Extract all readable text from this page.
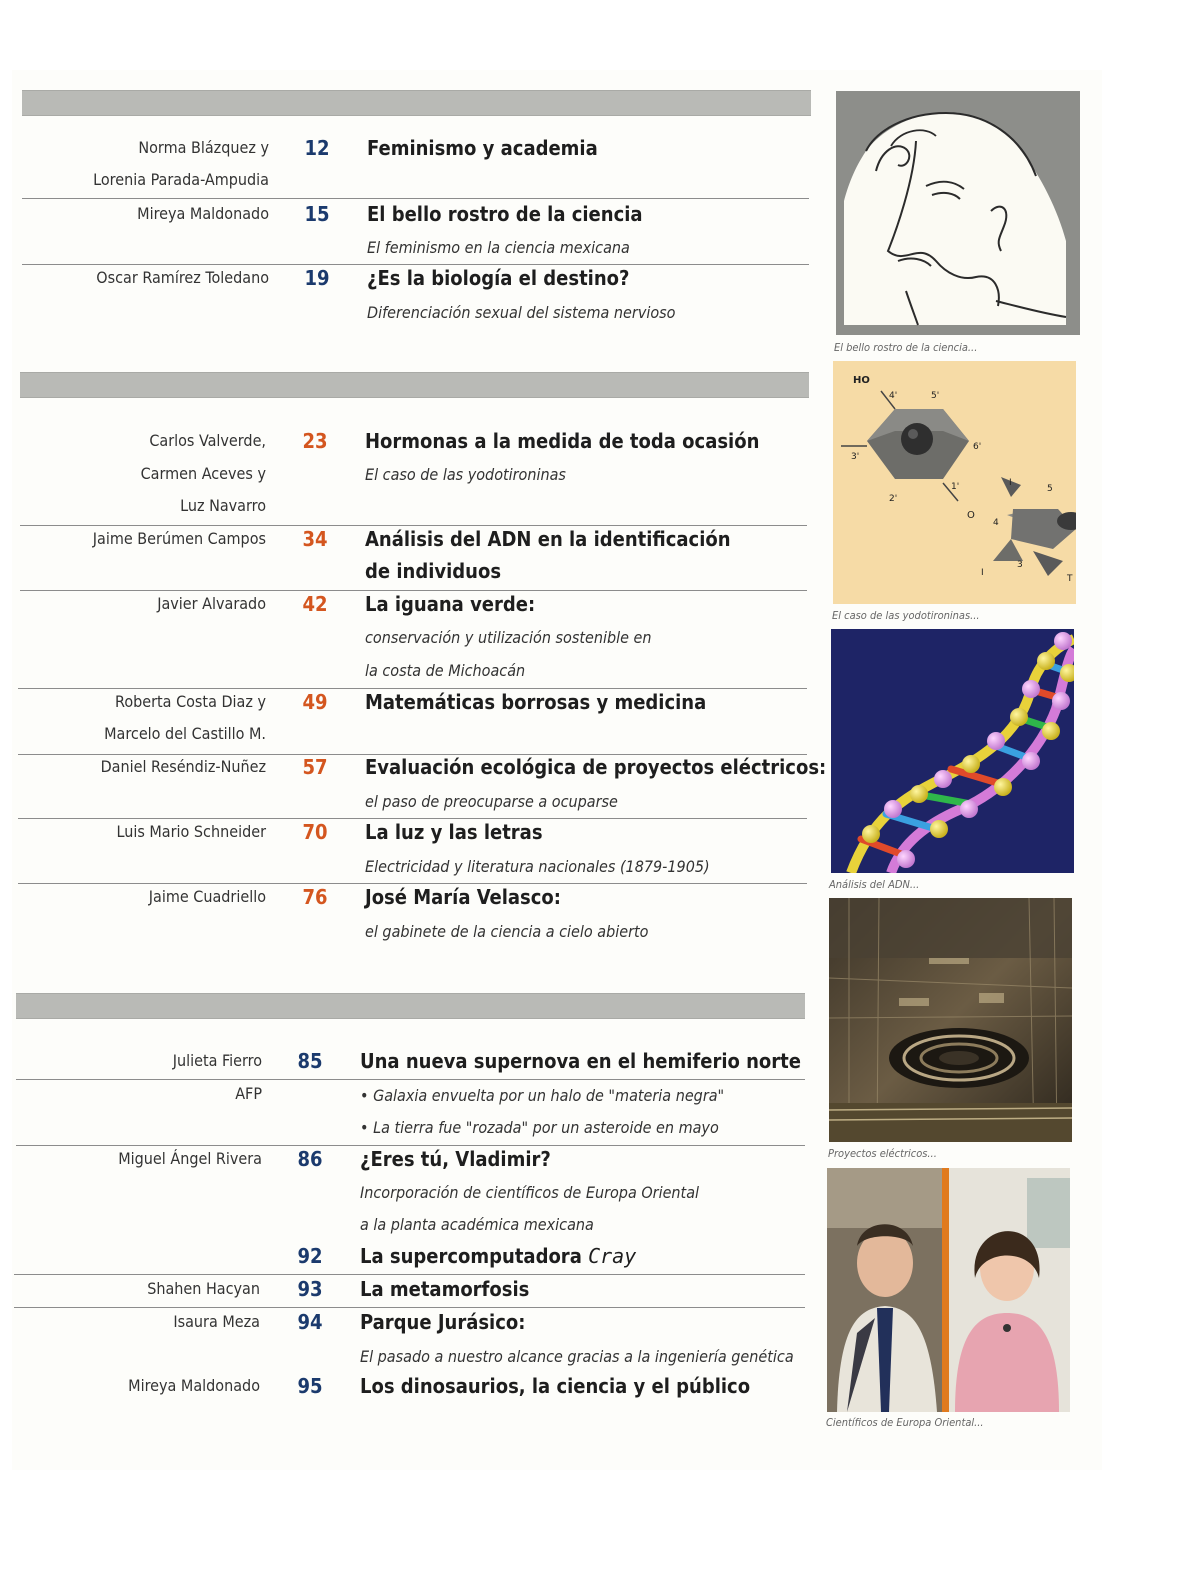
Norma Blázquez y
Lorenia Parada-Ampudia
12	Feminismo y academia
Mireya Maldonado	15	El bello rostro de la ciencia
El feminismo en la ciencia mexicana
Oscar Ramírez Toledano	19	¿Es la biología el destino?
Diferenciación sexual del sistema nervioso
Carlos Valverde,
Carmen Aceves y
Luz Navarro
23	Hormonas a la medida de toda ocasión
El caso de las yodotironinas
Jaime Berúmen Campos	34	Análisis del ADN en la identificación de individuos
Javier Alvarado	42	La iguana verde:
conservación y utilización sostenible en
la costa de Michoacán
Roberta Costa Diaz y
Marcelo del Castillo M.
49	Matemáticas borrosas y medicina
Daniel Reséndiz-Nuñez	57	Evaluación ecológica de proyectos eléctricos:
el paso de preocuparse a ocuparse
Luis Mario Schneider	70	La luz y las letras
Electricidad y literatura nacionales (1879-1905)
Jaime Cuadriello	76	José María Velasco:
el gabinete de la ciencia a cielo abierto
Julieta Fierro	85	Una nueva supernova en el hemiferio norte
AFP	• Galaxia envuelta por un halo de "materia negra"
• La tierra fue "rozada" por un asteroide en mayo
Miguel Ángel Rivera	86	¿Eres tú, Vladimir?
Incorporación de científicos de Europa Oriental
a la planta académica mexicana
92	La supercomputadora Cray
Shahen Hacyan	93	La metamorfosis
Isaura Meza	94	Parque Jurásico:
El pasado a nuestro alcance gracias a la ingeniería genética
Mireya Maldonado	95	Los dinosaurios, la ciencia y el público
El bello rostro de la ciencia...
HO
4'	5'
6'
3'
2'
1'
O
I
5
4
I
3
T
El caso de las yodotironinas...
Análisis del ADN...
Proyectos eléctricos...
Científicos de Europa Oriental...
